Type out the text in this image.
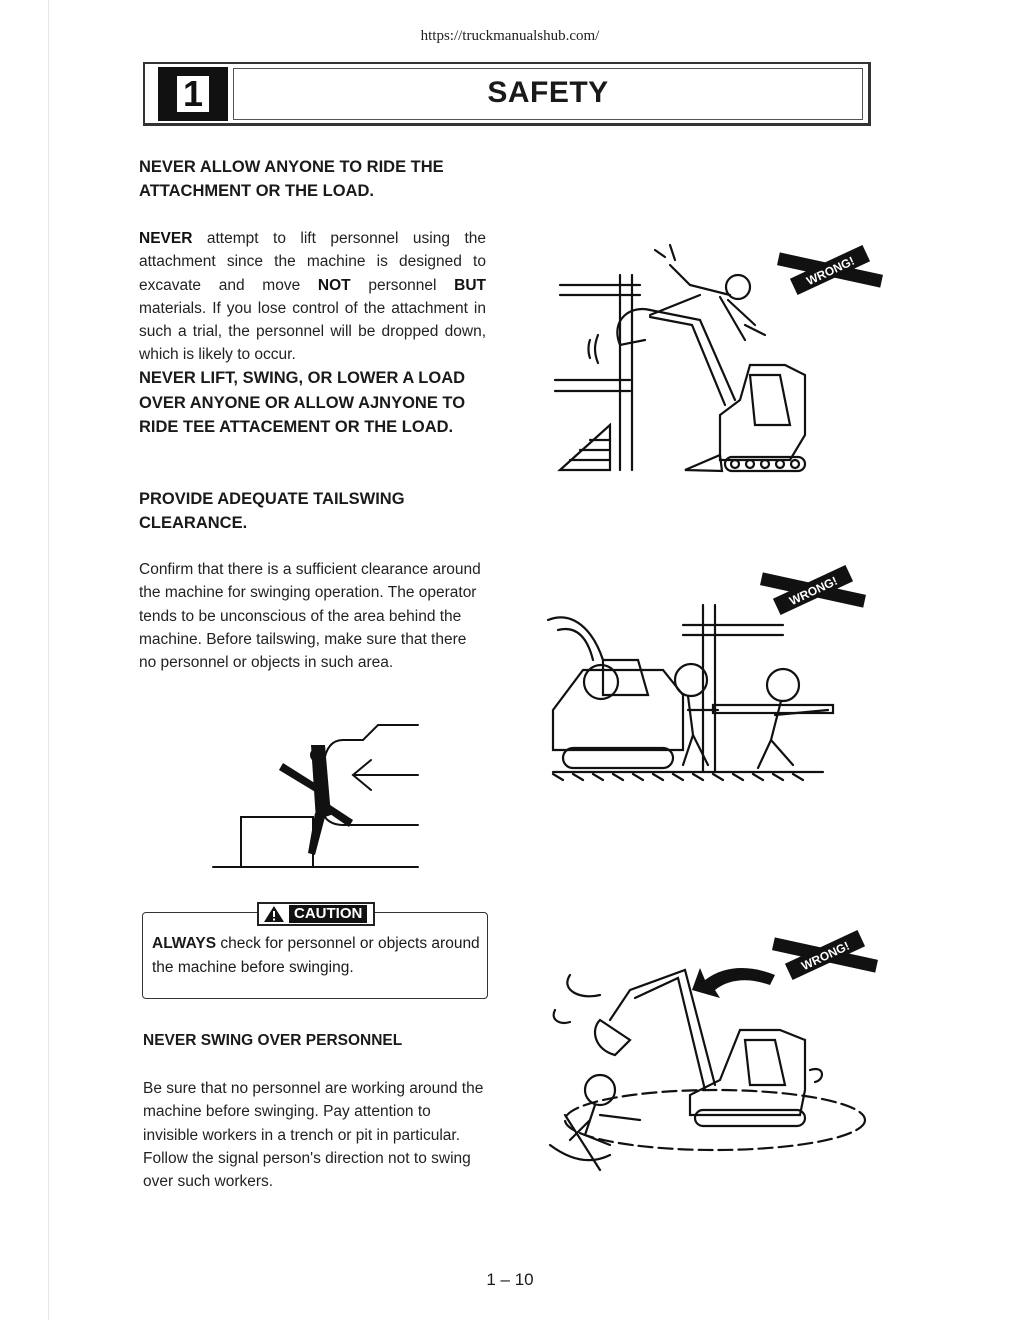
https://truckmanualshub.com/
1	SAFETY
NEVER ALLOW ANYONE TO RIDE THE
ATTACHMENT OR THE LOAD.
NEVER attempt to lift personnel using the attachment since the machine is designed to excavate and move NOT personnel BUT materials. If you lose control of the attachment in such a trial, the personnel will be dropped down, which is likely to occur.
NEVER LIFT, SWING, OR LOWER A LOAD
OVER ANYONE OR ALLOW AJNYONE TO
RIDE TEE ATTACEMENT OR THE LOAD.
WRONG!
PROVIDE ADEQUATE TAILSWING
CLEARANCE.
Confirm that there is a sufficient clearance around the machine for swinging operation. The operator tends to be unconscious of the area behind the machine. Before tailswing, make sure that there no personnel or objects in such area.
WRONG!
CAUTION
ALWAYS check for personnel or objects around the machine before swinging.
NEVER SWING OVER PERSONNEL
Be sure that no personnel are working around the machine before swinging. Pay attention to invisible workers in a trench or pit in particular. Follow the signal person's direction not to swing over such workers.
WRONG!
1 – 10
